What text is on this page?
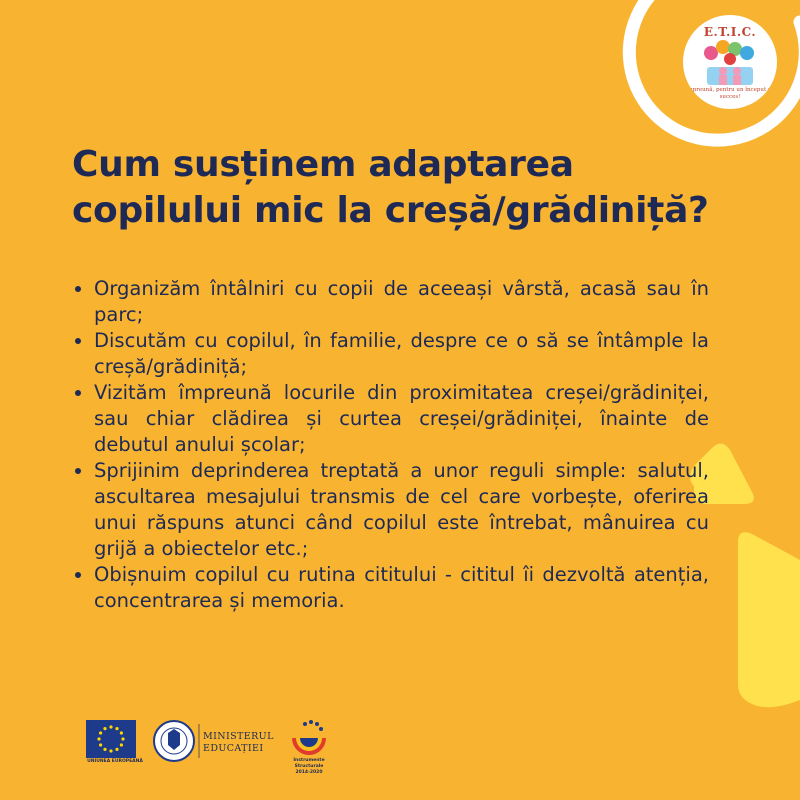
E.T.I.C.
Împreună, pentru un început de succes!
Cum susținem adaptarea
copilului mic la creșă/grădiniță?
• Organizăm întâlniri cu copii de aceeași vârstă, acasă sau în parc;
• Discutăm cu copilul, în familie, despre ce o să se întâmple la creșă/grădiniță;
• Vizităm împreună locurile din proximitatea creșei/grădiniței, sau chiar clădirea și curtea creșei/grădiniței, înainte de debutul anului școlar;
• Sprijinim deprinderea treptată a unor reguli simple: salutul, ascultarea mesajului transmis de cel care vorbește, oferirea unui răspuns atunci când copilul este întrebat, mânuirea cu grijă a obiectelor etc.;
• Obișnuim copilul cu rutina cititului - cititul îi dezvoltă atenția, concentrarea și memoria.
UNIUNEA EUROPEANĂ
MINISTERUL
EDUCAȚIEI
Instrumente Structurale
2014-2020
